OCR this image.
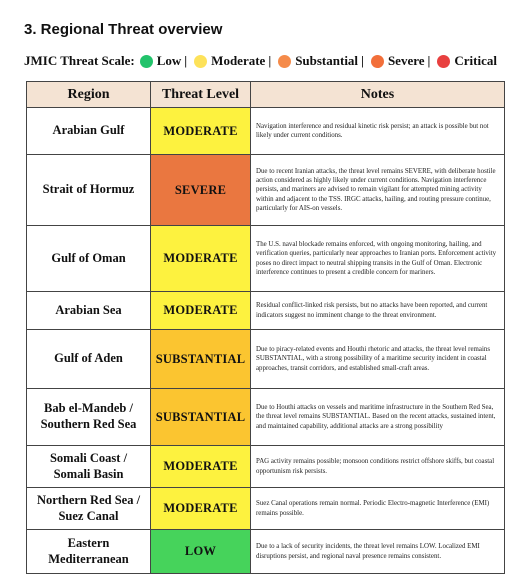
3. Regional Threat overview
JMIC Threat Scale: Low | Moderate | Substantial | Severe | Critical
Region	Threat Level	Notes
Arabian Gulf	MODERATE	Navigation interference and residual kinetic risk persist; an attack is possible but not likely under current conditions.
Strait of Hormuz	SEVERE	Due to recent Iranian attacks, the threat level remains SEVERE, with deliberate hostile action considered as highly likely under current conditions. Navigation interference persists, and mariners are advised to remain vigilant for attempted mining activity within and adjacent to the TSS. IRGC attacks, hailing, and routing pressure continue, particularly for AIS-on vessels.
Gulf of Oman	MODERATE	The U.S. naval blockade remains enforced, with ongoing monitoring, hailing, and verification queries, particularly near approaches to Iranian ports. Enforcement activity poses no direct impact to neutral shipping transits in the Gulf of Oman. Electronic interference continues to present a credible concern for mariners.
Arabian Sea	MODERATE	Residual conflict-linked risk persists, but no attacks have been reported, and current indicators suggest no imminent change to the threat environment.
Gulf of Aden	SUBSTANTIAL	Due to piracy-related events and Houthi rhetoric and attacks, the threat level remains SUBSTANTIAL, with a strong possibility of a maritime security incident in coastal approaches, transit corridors, and established small-craft areas.
Bab el-Mandeb / Southern Red Sea	SUBSTANTIAL	Due to Houthi attacks on vessels and maritime infrastructure in the Southern Red Sea, the threat level remains SUBSTANTIAL. Based on the recent attacks, sustained intent, and maintained capability, additional attacks are a strong possibility
Somali Coast / Somali Basin	MODERATE	PAG activity remains possible; monsoon conditions restrict offshore skiffs, but coastal opportunism risk persists.
Northern Red Sea / Suez Canal	MODERATE	Suez Canal operations remain normal. Periodic Electro-magnetic Interference (EMI) remains possible.
Eastern Mediterranean	LOW	Due to a lack of security incidents, the threat level remains LOW. Localized EMI disruptions persist, and regional naval presence remains consistent.
